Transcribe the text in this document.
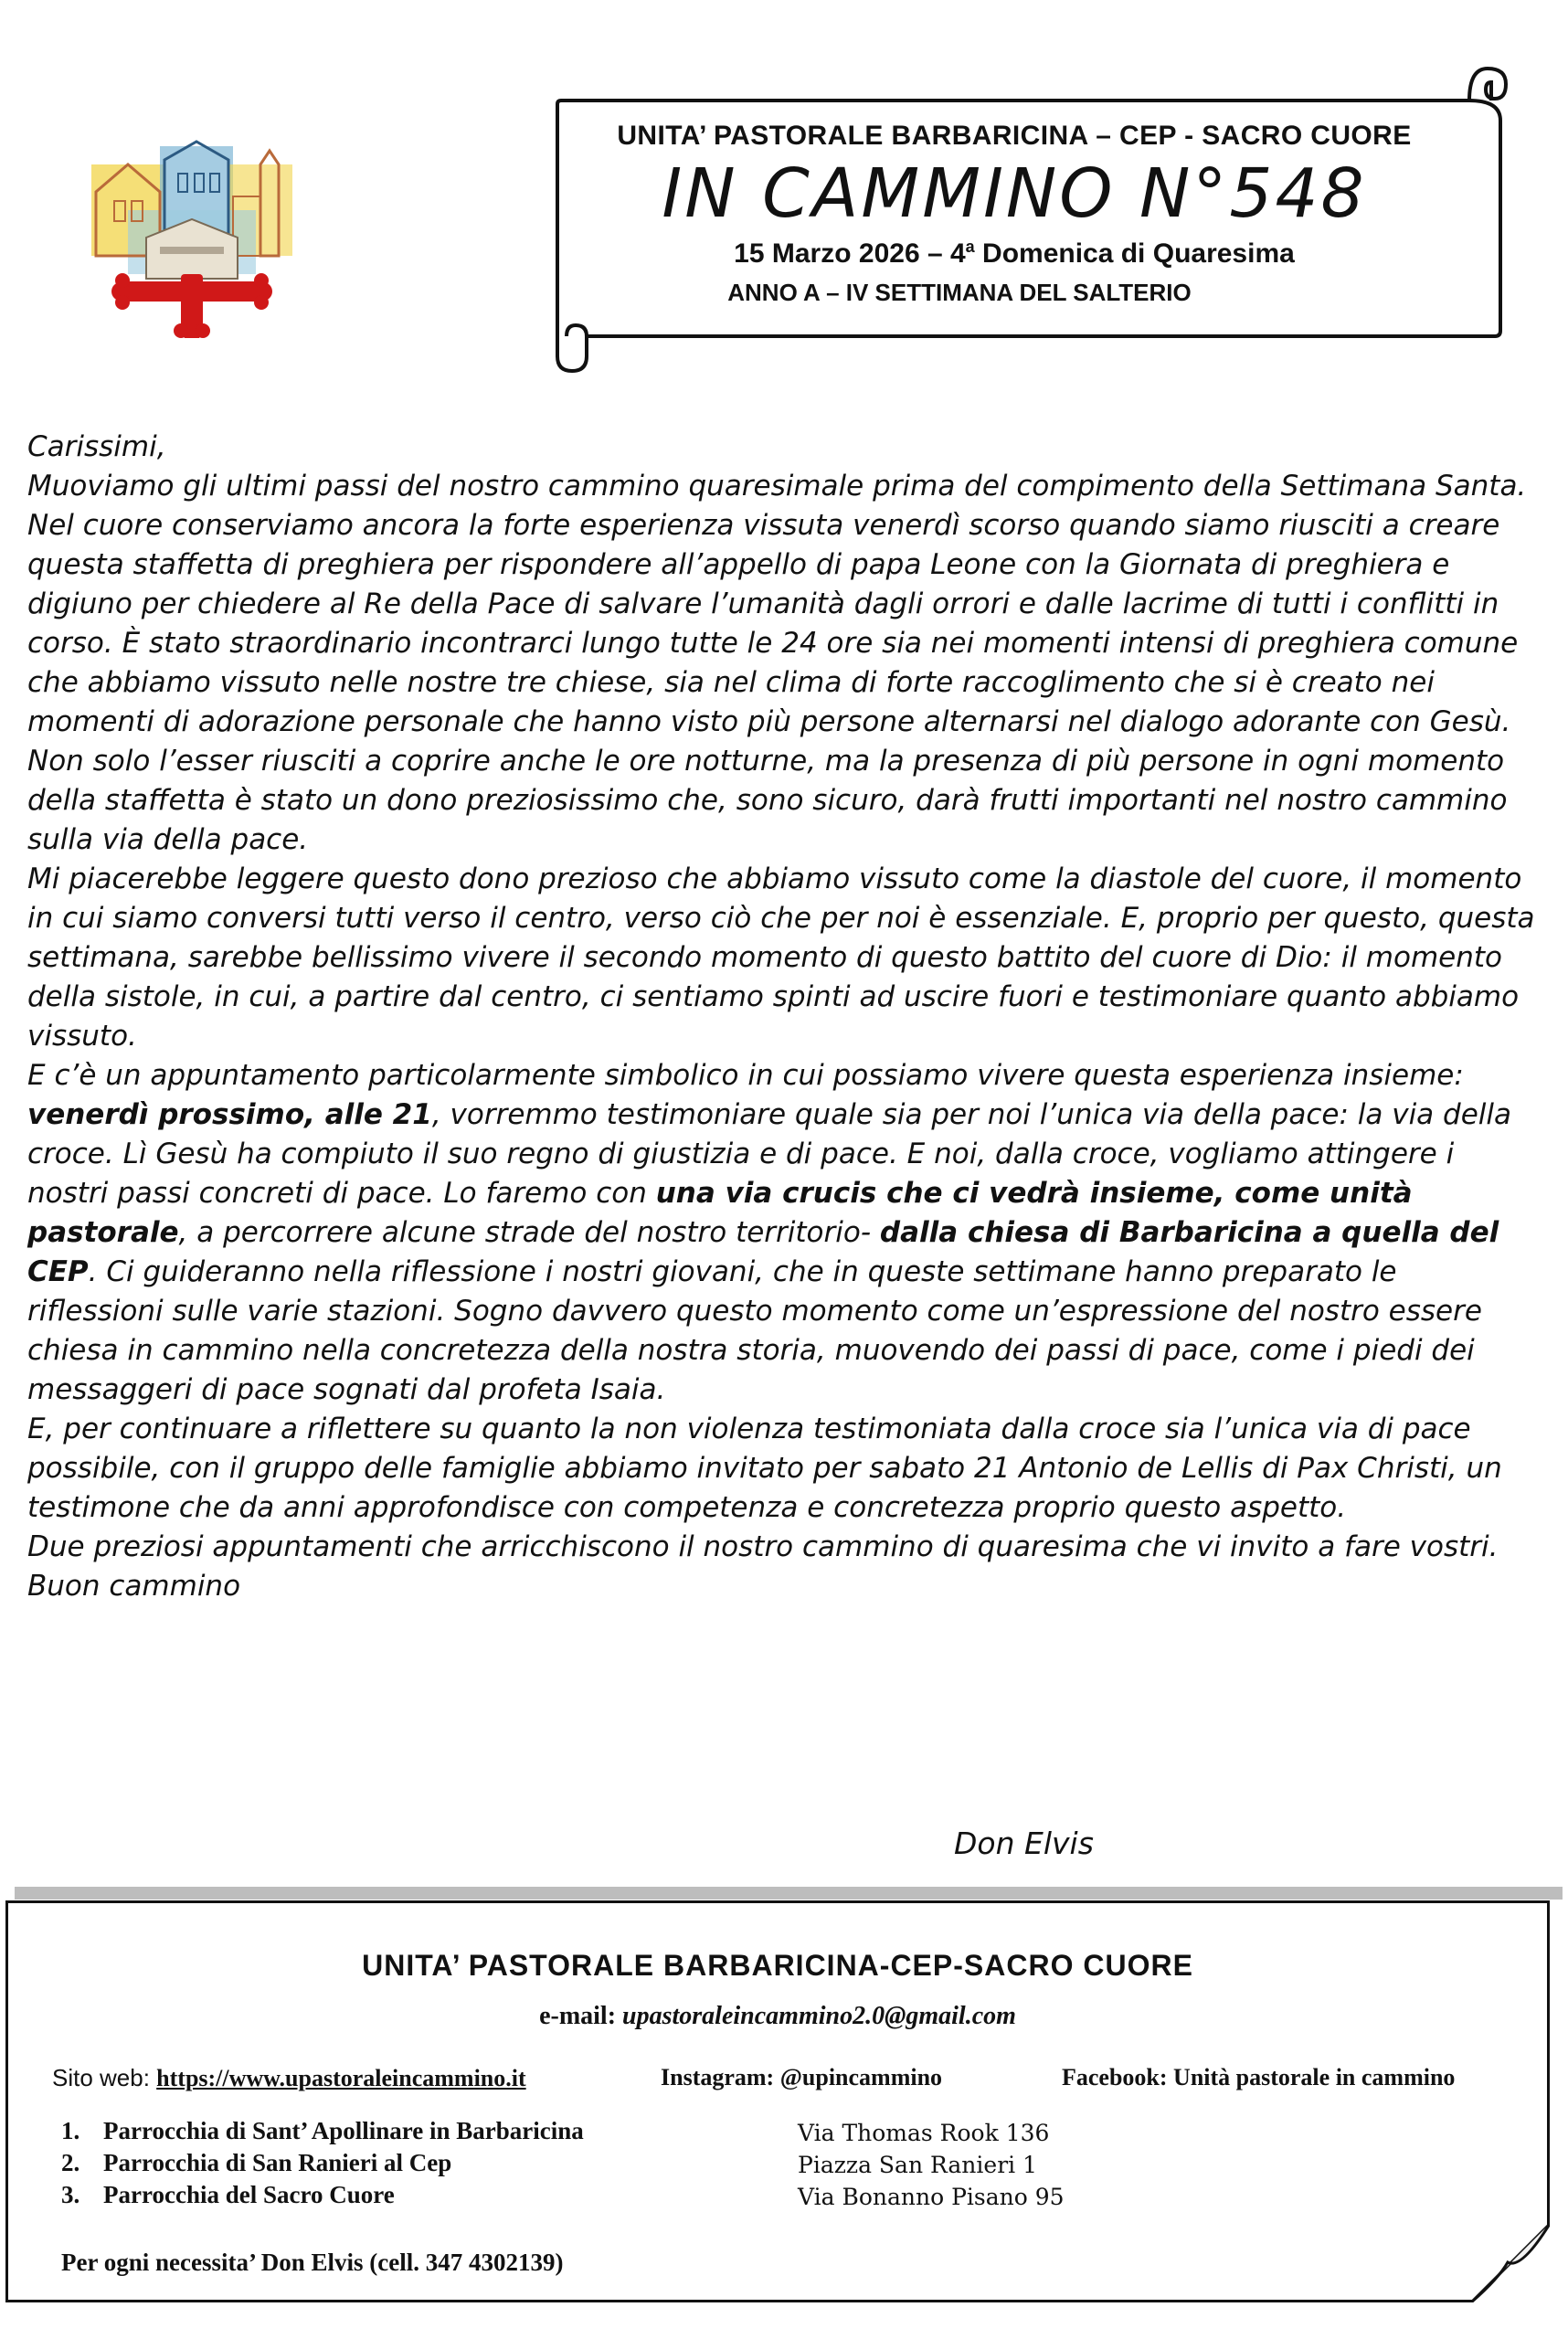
UNITA’ PASTORALE BARBARICINA – CEP - SACRO CUORE

IN CAMMINO N°548

15 Marzo 2026 – 4$^a$ Domenica di Quaresima

ANNO A – IV SETTIMANA DEL SALTERIO

Carissimi,

Muoviamo gli ultimi passi del nostro cammino quaresimale prima del compimento della Settimana Santa.

Nel cuore conserviamo ancora la forte esperienza vissuta venerdì scorso quando siamo riusciti a creare questa staffetta di preghiera per rispondere all’appello di papa Leone con la Giornata di preghiera e digiuno per chiedere al Re della Pace di salvare l’umanità dagli orrori e dalle lacrime di tutti i conflitti in corso. È stato straordinario incontrarci lungo tutte le 24 ore sia nei momenti intensi di preghiera comune che abbiamo vissuto nelle nostre tre chiese, sia nel clima di forte raccoglimento che si è creato nei momenti di adorazione personale che hanno visto più persone alternarsi nel dialogo adorante con Gesù. Non solo l’esser riusciti a coprire anche le ore notturne, ma la presenza di più persone in ogni momento della staffetta è stato un dono preziosissimo che, sono sicuro, darà frutti importanti nel nostro cammino sulla via della pace.

Mi piacerebbe leggere questo dono prezioso che abbiamo vissuto come la diastole del cuore, il momento in cui siamo conversi tutti verso il centro, verso ciò che per noi è essenziale. E, proprio per questo, questa settimana, sarebbe bellissimo vivere il secondo momento di questo battito del cuore di Dio: il momento della sistole, in cui, a partire dal centro, ci sentiamo spinti ad uscire fuori e testimoniare quanto abbiamo vissuto.

E c’è un appuntamento particolarmente simbolico in cui possiamo vivere questa esperienza insieme: venerdì prossimo, alle 21, vorremmo testimoniare quale sia per noi l’unica via della pace: la via della croce. Lì Gesù ha compiuto il suo regno di giustizia e di pace. E noi, dalla croce, vogliamo attingere i nostri passi concreti di pace. Lo faremo con una via crucis che ci vedrà insieme, come unità pastorale, a percorrere alcune strade del nostro territorio- dalla chiesa di Barbaricina a quella del CEP. Ci guideranno nella riflessione i nostri giovani, che in queste settimane hanno preparato le riflessioni sulle varie stazioni. Sogno davvero questo momento come un’espressione del nostro essere chiesa in cammino nella concretezza della nostra storia, muovendo dei passi di pace, come i piedi dei messaggeri di pace sognati dal profeta Isaia.

E, per continuare a riflettere su quanto la non violenza testimoniata dalla croce sia l’unica via di pace possibile, con il gruppo delle famiglie abbiamo invitato per sabato 21 Antonio de Lellis di Pax Christi, un testimone che da anni approfondisce con competenza e concretezza proprio questo aspetto.

Due preziosi appuntamenti che arricchiscono il nostro cammino di quaresima che vi invito a fare vostri.

Buon cammino

Don Elvis
UNITA’ PASTORALE BARBARICINA-CEP-SACRO CUORE
e-mail: upastoraleincammino2.0@gmail.com
Sito web: https://www.upastoraleincammino.it	Instagram: @upincammino	Facebook: Unità pastorale in cammino
1. Parrocchia di Sant’ Apollinare in Barbaricina
2. Parrocchia di San Ranieri al Cep
3. Parrocchia del Sacro Cuore
Via Thomas Rook 136
Piazza San Ranieri 1
Via Bonanno Pisano 95
Per ogni necessita’ Don Elvis (cell. 347 4302139)
